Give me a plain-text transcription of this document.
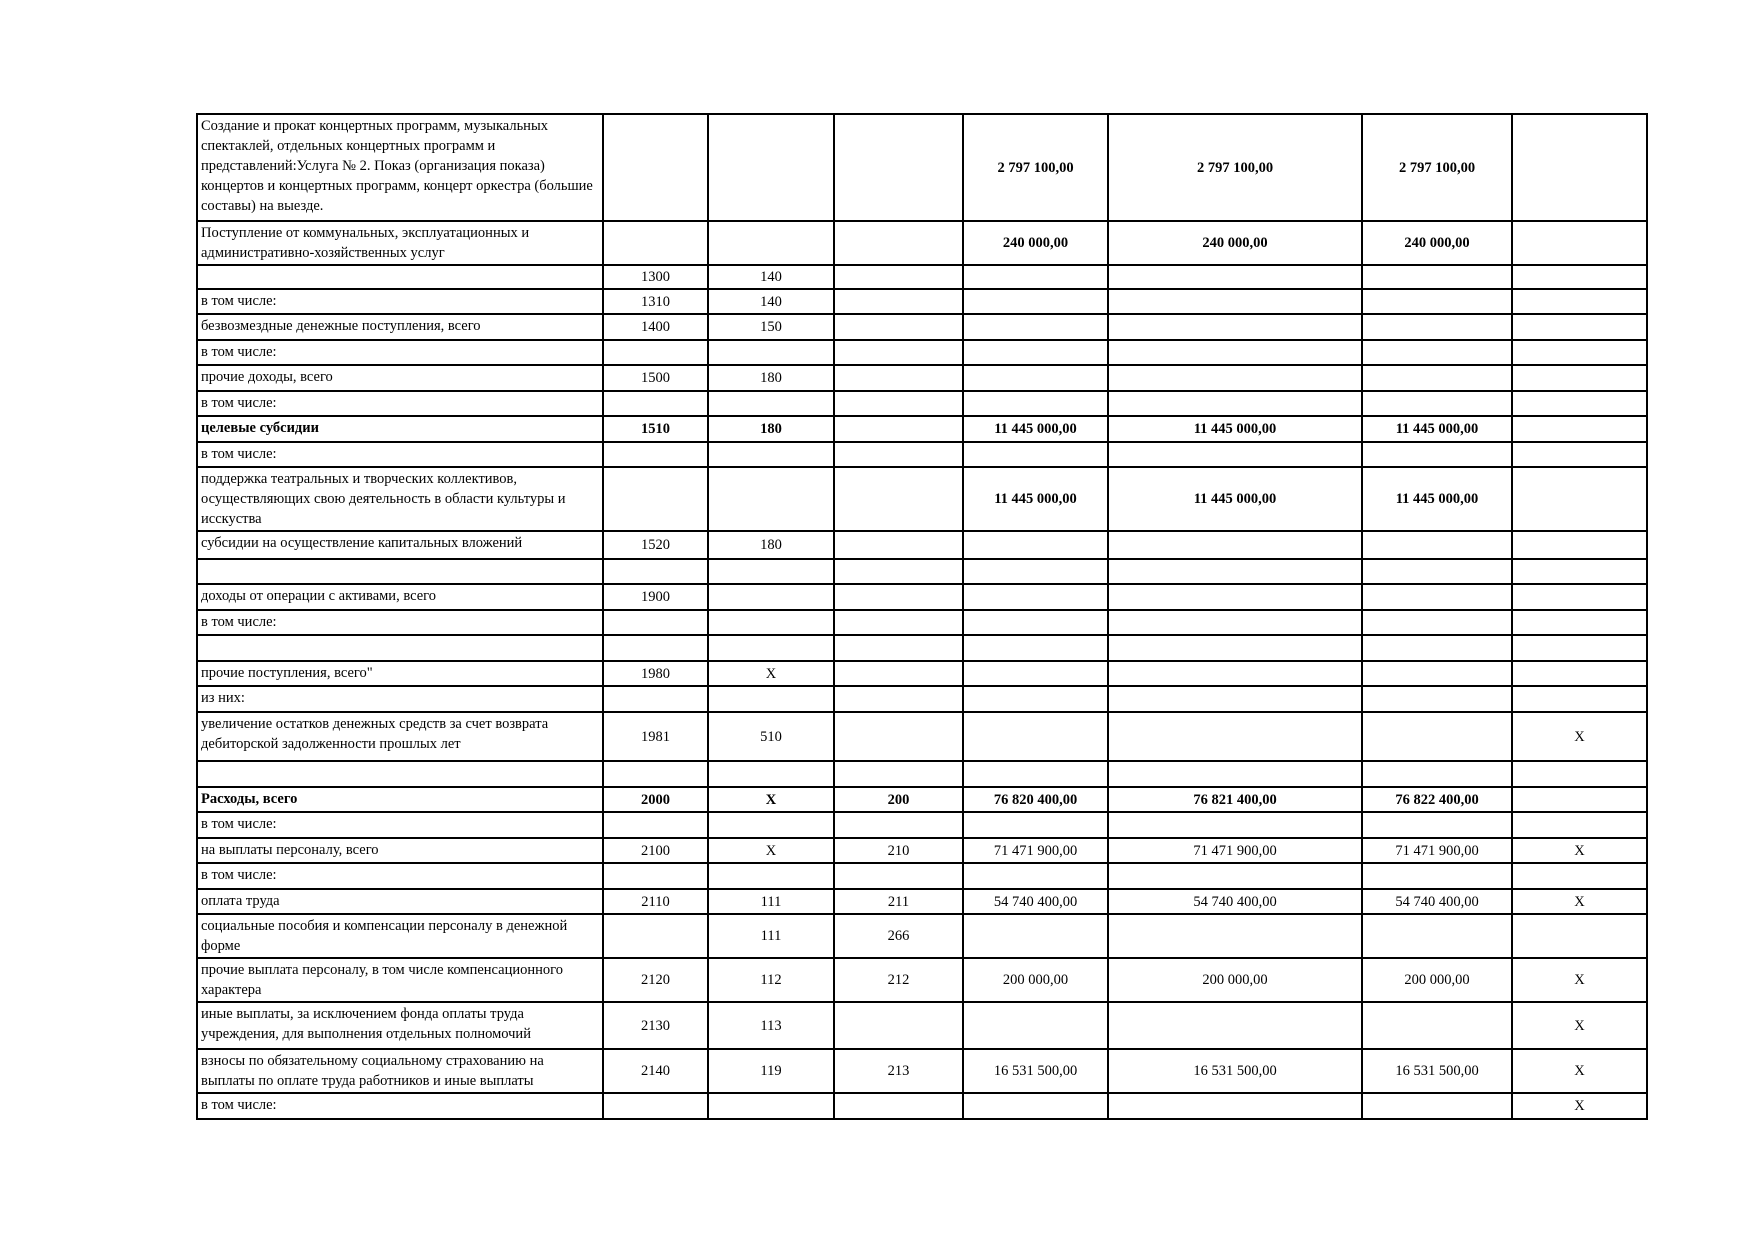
Создание и прокат концертных программ, музыкальных спектаклей, отдельных концертных программ и представлений:Услуга № 2. Показ (организация показа) концертов и концертных программ, концерт оркестра (большие составы) на выезде.				2 797 100,00	2 797 100,00	2 797 100,00	
Поступление от коммунальных, эксплуатационных и административно-хозяйственных услуг				240 000,00	240 000,00	240 000,00	
	1300	140					
в том числе:	1310	140					
безвозмездные денежные поступления, всего	1400	150					
в том числе:							
прочие доходы, всего	1500	180					
в том числе:							
целевые субсидии	1510	180		11 445 000,00	11 445 000,00	11 445 000,00	
в том числе:							
поддержка театральных и творческих коллективов, осуществляющих свою деятельность в области культуры и исскуства				11 445 000,00	11 445 000,00	11 445 000,00	
субсидии на осуществление капитальных вложений	1520	180					

доходы от операции с активами, всего	1900						
в том числе:							

прочие поступления, всего"	1980	Х					
из них:							
увеличение остатков денежных средств за счет возврата дебиторской задолженности прошлых лет	1981	510					Х

Расходы, всего	2000	Х	200	76 820 400,00	76 821 400,00	76 822 400,00	
в том числе:							
на выплаты персоналу, всего	2100	Х	210	71 471 900,00	71 471 900,00	71 471 900,00	Х
в том числе:							
оплата труда	2110	111	211	54 740 400,00	54 740 400,00	54 740 400,00	Х
социальные пособия и компенсации персоналу в денежной форме		111	266				
прочие выплата персоналу, в том числе компенсационного характера	2120	112	212	200 000,00	200 000,00	200 000,00	Х
иные выплаты, за исключением фонда оплаты труда учреждения, для выполнения отдельных полномочий	2130	113					Х
взносы по обязательному социальному страхованию на выплаты по оплате труда работников и иные выплаты	2140	119	213	16 531 500,00	16 531 500,00	16 531 500,00	Х
в том числе:							Х
